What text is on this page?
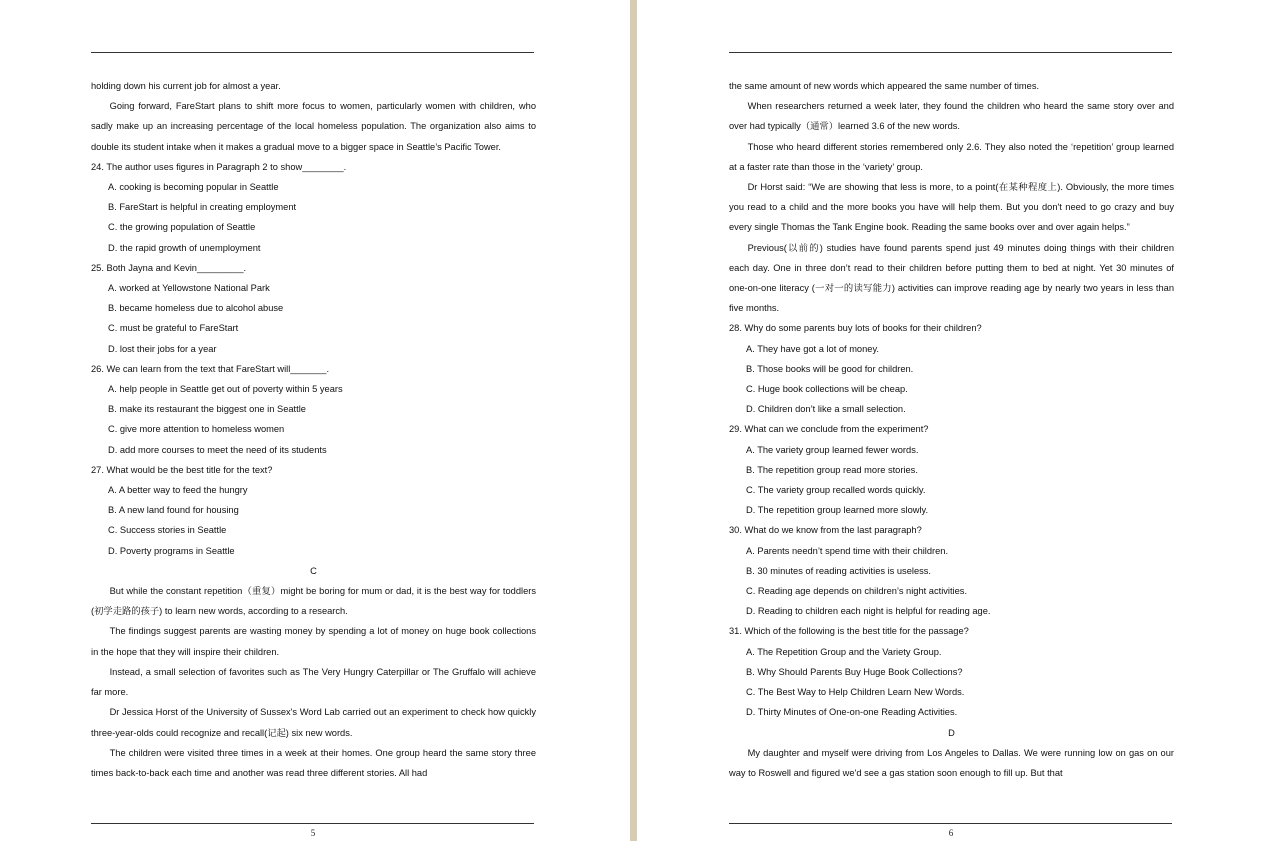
holding down his current job for almost a year.

Going forward, FareStart plans to shift more focus to women, particularly women with children, who sadly make up an increasing percentage of the local homeless population. The organization also aims to double its student intake when it makes a gradual move to a bigger space in Seattle’s Pacific Tower.

24. The author uses figures in Paragraph 2 to show________.

A. cooking is becoming popular in Seattle

B. FareStart is helpful in creating employment

C. the growing population of Seattle

D. the rapid growth of unemployment

25. Both Jayna and Kevin_________.

A. worked at Yellowstone National Park

B. became homeless due to alcohol abuse

C. must be grateful to FareStart

D. lost their jobs for a year

26. We can learn from the text that FareStart will_______.

A. help people in Seattle get out of poverty within 5 years

B. make its restaurant the biggest one in Seattle

C. give more attention to homeless women

D. add more courses to meet the need of its students

27. What would be the best title for the text?

A. A better way to feed the hungry

B. A new land found for housing

C. Success stories in Seattle

D. Poverty programs in Seattle

C

But while the constant repetition（重复）might be boring for mum or dad, it is the best way for toddlers (初学走路的孩子) to learn new words, according to a research.

The findings suggest parents are wasting money by spending a lot of money on huge book collections in the hope that they will inspire their children.

Instead, a small selection of favorites such as The Very Hungry Caterpillar or The Gruffalo will achieve far more.

Dr Jessica Horst of the University of Sussex's Word Lab carried out an experiment to check how quickly three-year-olds could recognize and recall(记起) six new words.

The children were visited three times in a week at their homes. One group heard the same story three times back-to-back each time and another was read three different stories. All had

5

the same amount of new words which appeared the same number of times.

When researchers returned a week later, they found the children who heard the same story over and over had typically（通常）learned 3.6 of the new words.

Those who heard different stories remembered only 2.6. They also noted the ‘repetition’ group learned at a faster rate than those in the ‘variety’ group.

Dr Horst said: “We are showing that less is more, to a point(在某种程度上). Obviously, the more times you read to a child and the more books you have will help them. But you don't need to go crazy and buy every single Thomas the Tank Engine book. Reading the same books over and over again helps.”

Previous(以前的) studies have found parents spend just 49 minutes doing things with their children each day. One in three don’t read to their children before putting them to bed at night. Yet 30 minutes of one-on-one literacy (一对一的读写能力) activities can improve reading age by nearly two years in less than five months.

28. Why do some parents buy lots of books for their children?

A. They have got a lot of money.

B. Those books will be good for children.

C. Huge book collections will be cheap.

D. Children don’t like a small selection.

29. What can we conclude from the experiment?

A. The variety group learned fewer words.

B. The repetition group read more stories.

C. The variety group recalled words quickly.

D. The repetition group learned more slowly.

30. What do we know from the last paragraph?

A. Parents needn’t spend time with their children.

B. 30 minutes of reading activities is useless.

C. Reading age depends on children’s night activities.

D. Reading to children each night is helpful for reading age.

31. Which of the following is the best title for the passage?

A. The Repetition Group and the Variety Group.

B. Why Should Parents Buy Huge Book Collections?

C. The Best Way to Help Children Learn New Words.

D. Thirty Minutes of One-on-one Reading Activities.

D

My daughter and myself were driving from Los Angeles to Dallas. We were running low on gas on our way to Roswell and figured we'd see a gas station soon enough to fill up. But that

6
